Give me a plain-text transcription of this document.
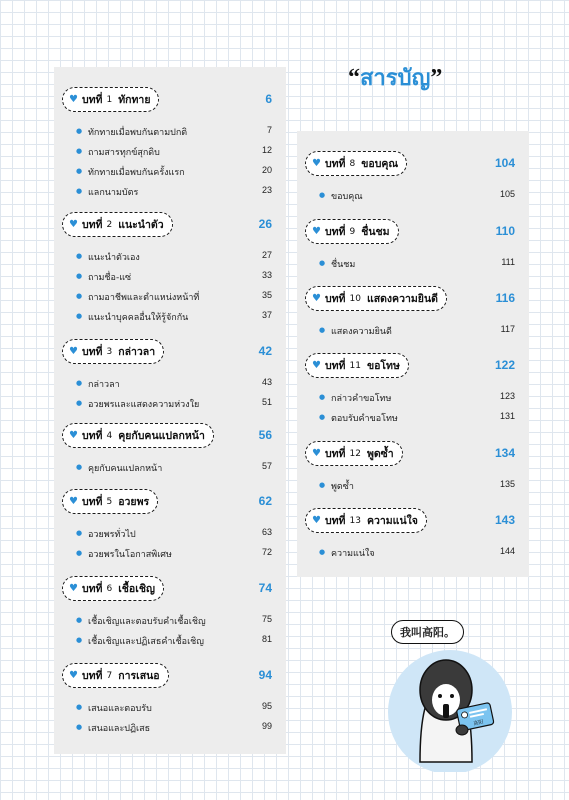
“สารบัญ”
♥ บทที่ 1 ทักทาย	6
● ทักทายเมื่อพบกันตามปกติ	7
● ถามสารทุกข์สุกดิบ	12
● ทักทายเมื่อพบกันครั้งแรก	20
● แลกนามบัตร	23
♥ บทที่ 2 แนะนำตัว	26
● แนะนำตัวเอง	27
● ถามชื่อ-แซ่	33
● ถามอาชีพและตำแหน่งหน้าที่	35
● แนะนำบุคคลอื่นให้รู้จักกัน	37
♥ บทที่ 3 กล่าวลา	42
● กล่าวลา	43
● อวยพรและแสดงความห่วงใย	51
♥ บทที่ 4 คุยกับคนแปลกหน้า	56
● คุยกับคนแปลกหน้า	57
♥ บทที่ 5 อวยพร	62
● อวยพรทั่วไป	63
● อวยพรในโอกาสพิเศษ	72
♥ บทที่ 6 เชื้อเชิญ	74
● เชื้อเชิญและตอบรับคำเชื้อเชิญ	75
● เชื้อเชิญและปฏิเสธคำเชื้อเชิญ	81
♥ บทที่ 7 การเสนอ	94
● เสนอและตอบรับ	95
● เสนอและปฏิเสธ	99
♥ บทที่ 8 ขอบคุณ	104
● ขอบคุณ	105
♥ บทที่ 9 ชื่นชม	110
● ชื่นชม	111
♥ บทที่ 10 แสดงความยินดี	116
● แสดงความยินดี	117
♥ บทที่ 11 ขอโทษ	122
● กล่าวคำขอโทษ	123
● ตอบรับคำขอโทษ	131
♥ บทที่ 12 พูดซ้ำ	134
● พูดซ้ำ	135
♥ บทที่ 13 ความแน่ใจ	143
● ความแน่ใจ	144
高阳
我叫高阳。
